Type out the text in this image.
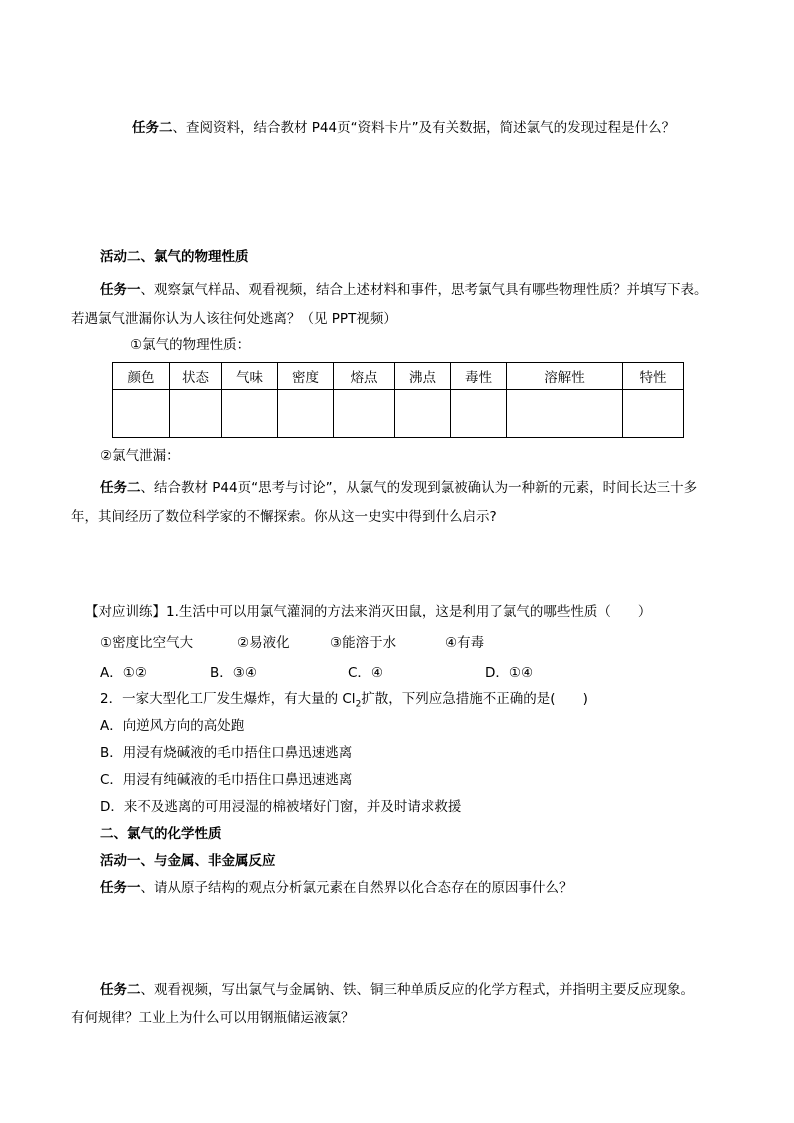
任务二、查阅资料，结合教材 P44页“资料卡片”及有关数据，简述氯气的发现过程是什么？
活动二、氯气的物理性质
任务一、观察氯气样品、观看视频，结合上述材料和事件，思考氯气具有哪些物理性质？并填写下表。
若遇氯气泄漏你认为人该往何处逃离？（见 PPT视频）
①氯气的物理性质：
颜色	状态	气味	密度	熔点	沸点	毒性	溶解性	特性

②氯气泄漏：
任务二、结合教材 P44页“思考与讨论”，从氯气的发现到氯被确认为一种新的元素，时间长达三十多
年，其间经历了数位科学家的不懈探索。你从这一史实中得到什么启示?
【对应训练】1.生活中可以用氯气灌洞的方法来消灭田鼠，这是利用了氯气的哪些性质（　　）
①密度比空气大	②易液化	③能溶于水	④有毒
A．①②	B．③④	C．④	D．①④
2．一家大型化工厂发生爆炸，有大量的 $Cl_2$扩散，下列应急措施不正确的是(　　)
A．向逆风方向的高处跑
B．用浸有烧碱液的毛巾捂住口鼻迅速逃离
C．用浸有纯碱液的毛巾捂住口鼻迅速逃离
D．来不及逃离的可用浸湿的棉被堵好门窗，并及时请求救援
二、氯气的化学性质
活动一、与金属、非金属反应
任务一、请从原子结构的观点分析氯元素在自然界以化合态存在的原因事什么？
任务二、观看视频，写出氯气与金属钠、铁、铜三种单质反应的化学方程式，并指明主要反应现象。
有何规律？工业上为什么可以用钢瓶储运液氯？
